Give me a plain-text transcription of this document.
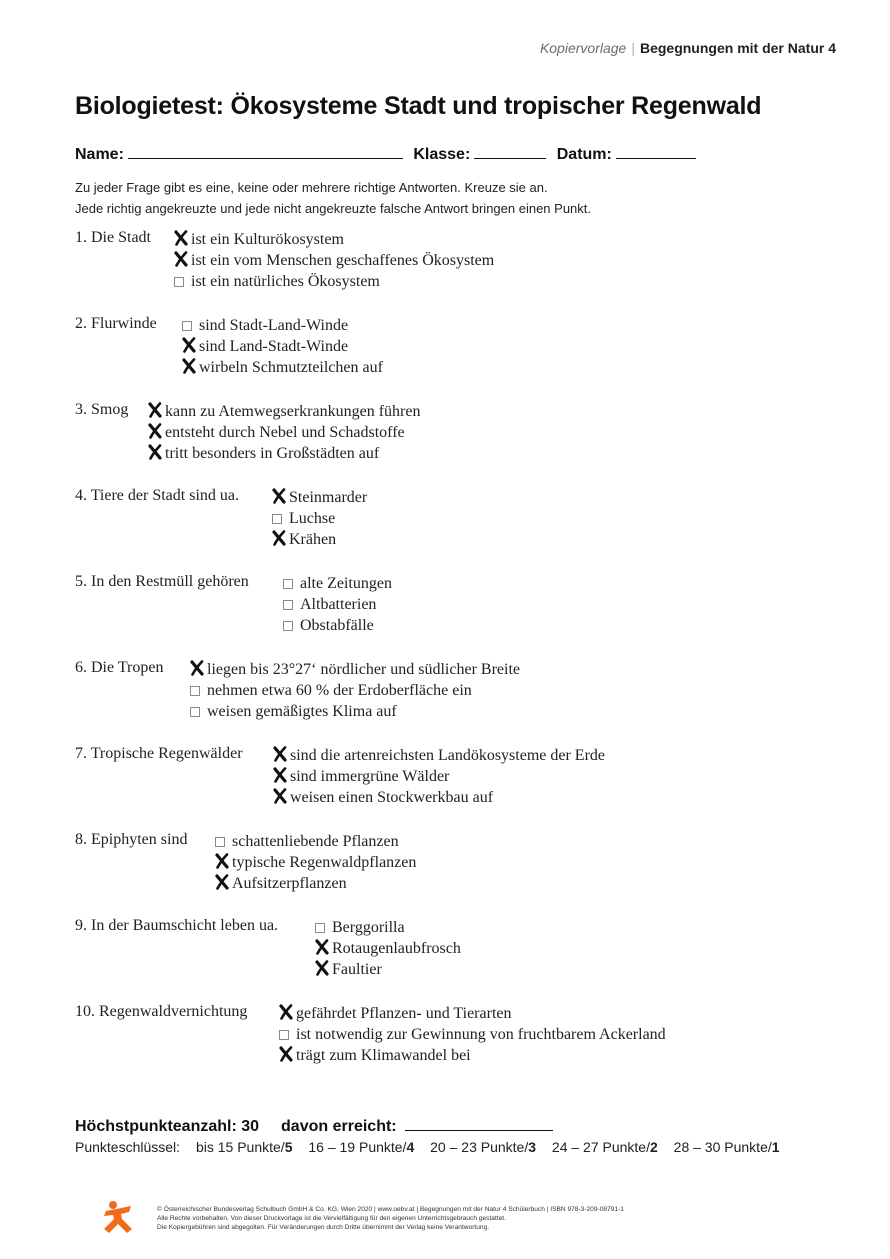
Kopiervorlage | Begegnungen mit der Natur 4
Biologietest: Ökosysteme Stadt und tropischer Regenwald
Name:	Klasse:	Datum:
Zu jeder Frage gibt es eine, keine oder mehrere richtige Antworten. Kreuze sie an.
Jede richtig angekreuzte und jede nicht angekreuzte falsche Antwort bringen einen Punkt.
1. Die Stadt	ist ein Kulturökosystem
ist ein vom Menschen geschaffenes Ökosystem
ist ein natürliches Ökosystem
2. Flurwinde	sind Stadt-Land-Winde
sind Land-Stadt-Winde
wirbeln Schmutzteilchen auf
3. Smog	kann zu Atemwegserkrankungen führen
entsteht durch Nebel und Schadstoffe
tritt besonders in Großstädten auf
4. Tiere der Stadt sind ua.	Steinmarder
Luchse
Krähen
5. In den Restmüll gehören	alte Zeitungen
Altbatterien
Obstabfälle
6. Die Tropen	liegen bis 23°27‘ nördlicher und südlicher Breite
nehmen etwa 60 % der Erdoberfläche ein
weisen gemäßigtes Klima auf
7. Tropische Regenwälder	sind die artenreichsten Landökosysteme der Erde
sind immergrüne Wälder
weisen einen Stockwerkbau auf
8. Epiphyten sind	schattenliebende Pflanzen
typische Regenwaldpflanzen
Aufsitzerpflanzen
9. In der Baumschicht leben ua.	Berggorilla
Rotaugenlaubfrosch
Faultier
10. Regenwaldvernichtung	gefährdet Pflanzen- und Tierarten
ist notwendig zur Gewinnung von fruchtbarem Ackerland
trägt zum Klimawandel bei
Höchstpunkteanzahl: 30 davon erreicht:
Punkteschlüssel: bis 15 Punkte/5 16 – 19 Punkte/4 20 – 23 Punkte/3 24 – 27 Punkte/2 28 – 30 Punkte/1
© Österreichischer Bundesverlag Schulbuch GmbH & Co. KG, Wien 2020 | www.oebv.at | Begegnungen mit der Natur 4 Schülerbuch | ISBN 978-3-209-08791-1
Alle Rechte vorbehalten. Von dieser Druckvorlage ist die Vervielfältigung für den eigenen Unterrichtsgebrauch gestattet.
Die Kopiergebühren sind abgegolten. Für Veränderungen durch Dritte übernimmt der Verlag keine Verantwortung.
